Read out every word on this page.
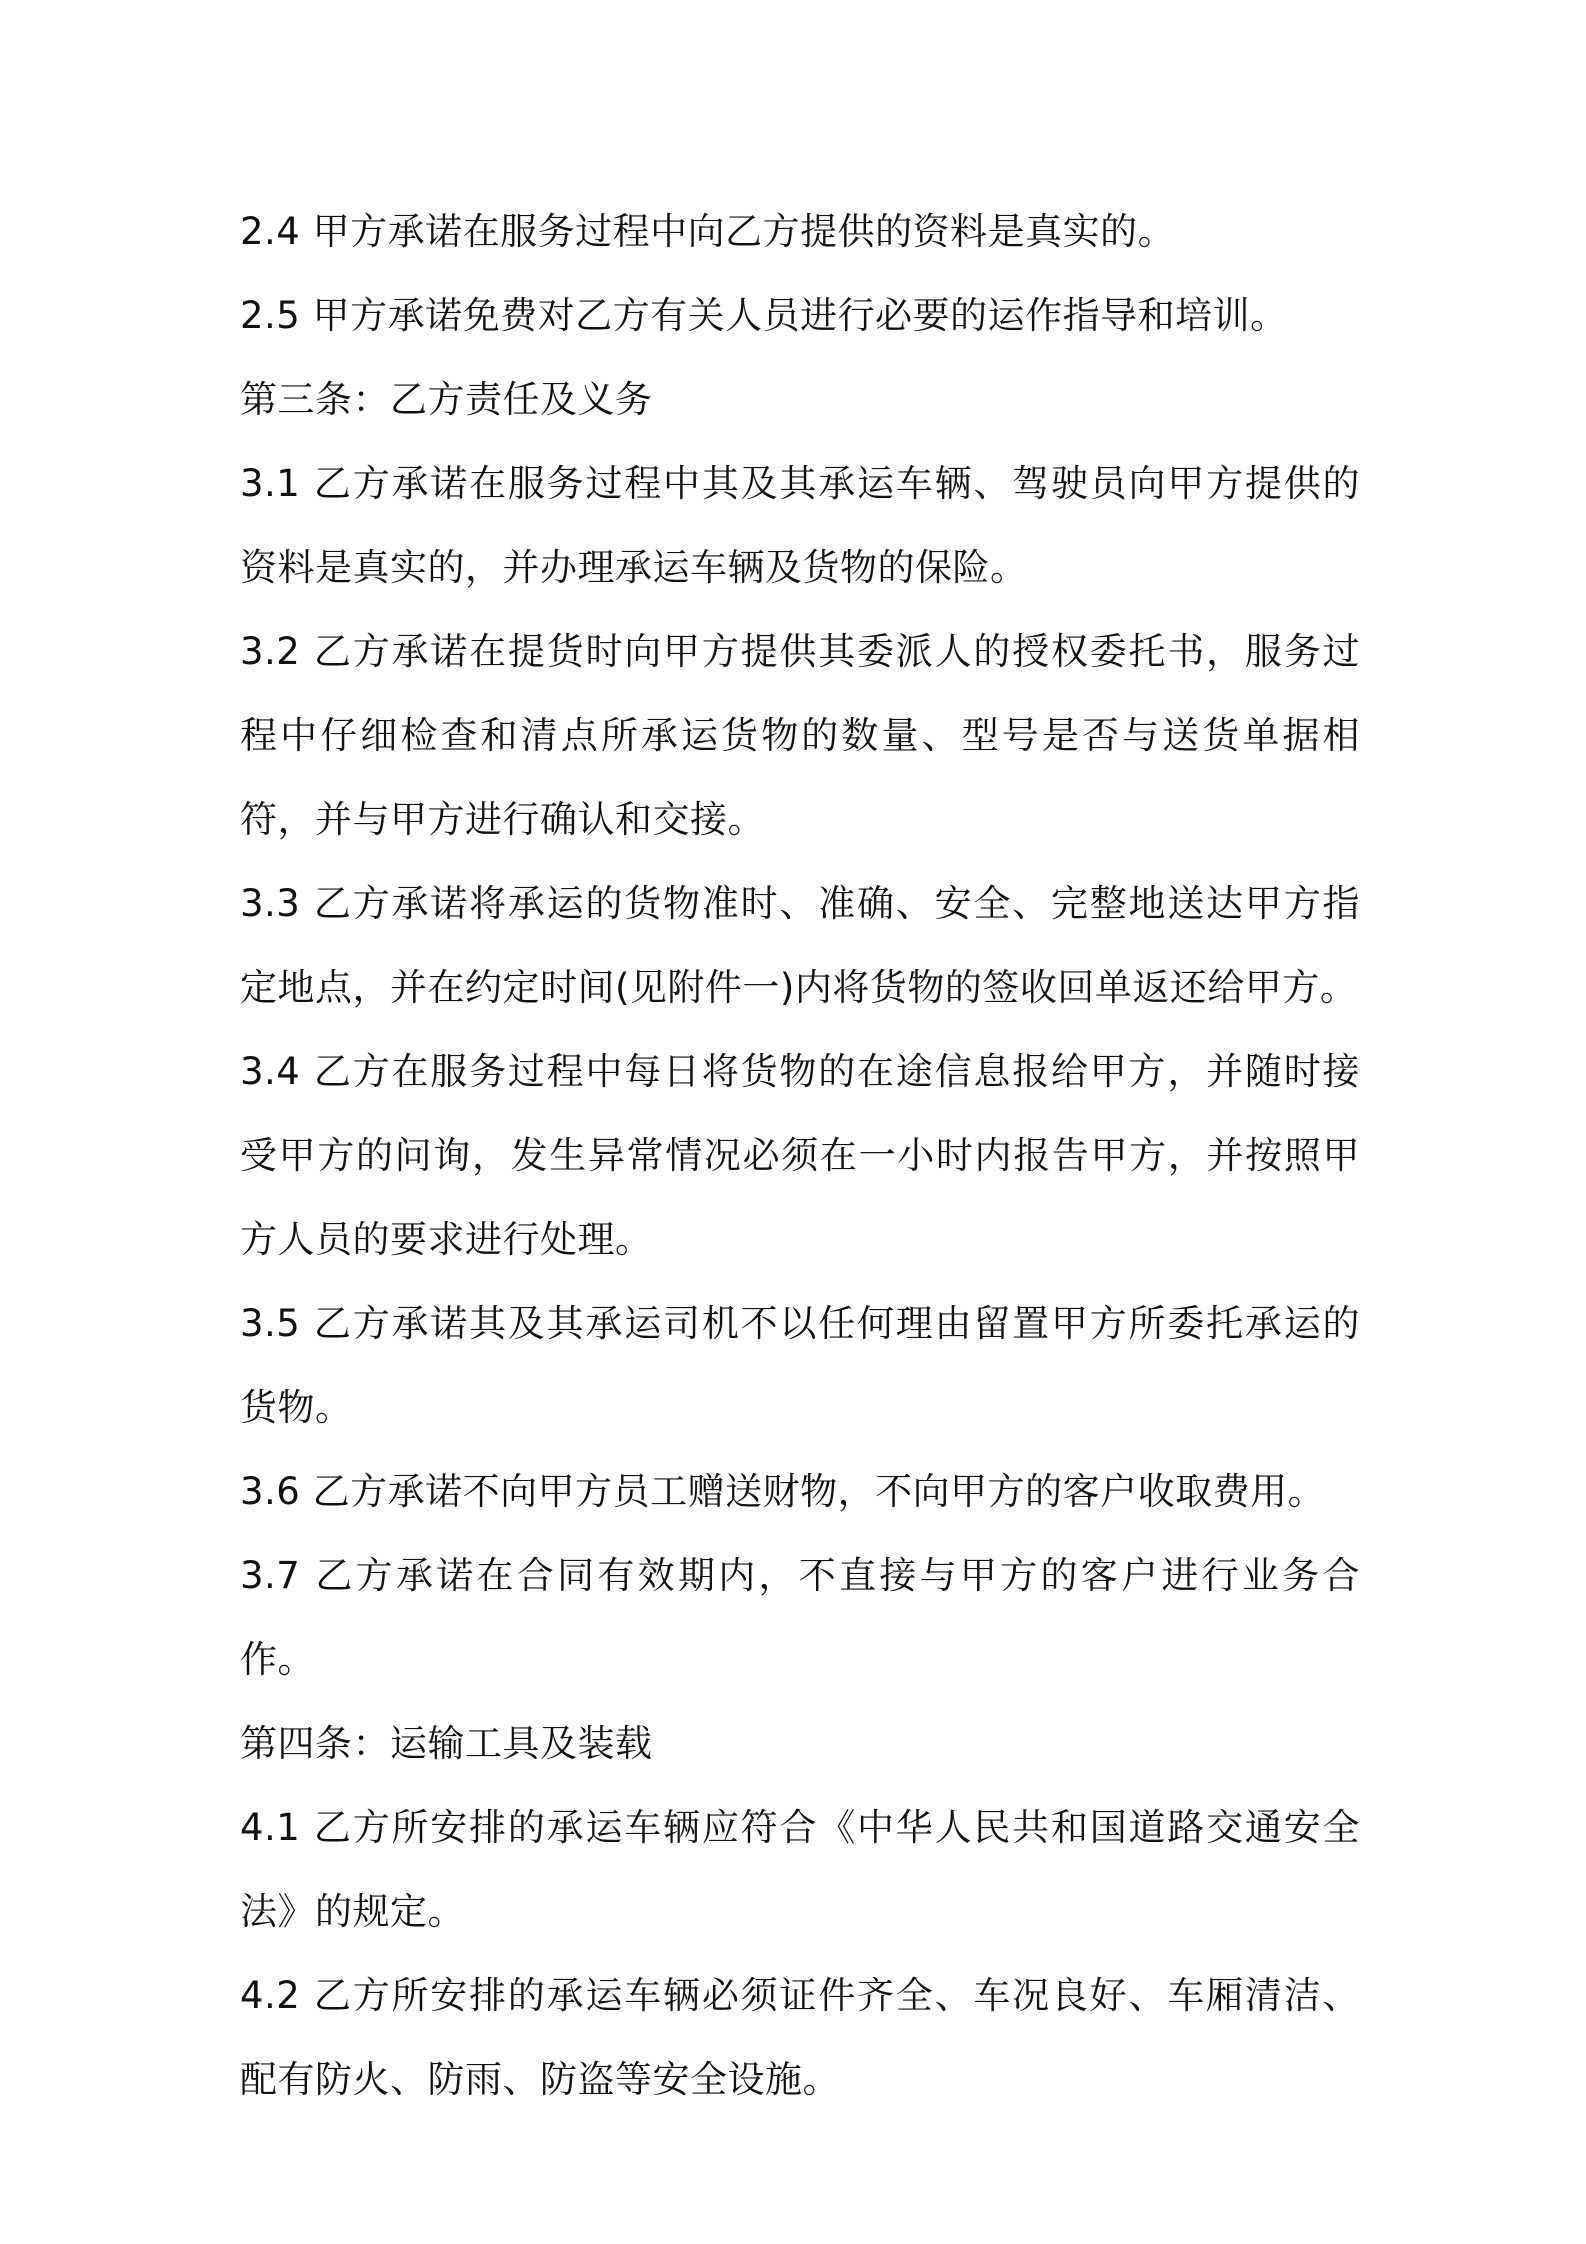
2.4 甲方承诺在服务过程中向乙方提供的资料是真实的。

2.5 甲方承诺免费对乙方有关人员进行必要的运作指导和培训。

第三条：乙方责任及义务

3.1 乙方承诺在服务过程中其及其承运车辆、驾驶员向甲方提供的资料是真实的，并办理承运车辆及货物的保险。

3.2 乙方承诺在提货时向甲方提供其委派人的授权委托书，服务过程中仔细检查和清点所承运货物的数量、型号是否与送货单据相符，并与甲方进行确认和交接。

3.3 乙方承诺将承运的货物准时、准确、安全、完整地送达甲方指定地点，并在约定时间(见附件一)内将货物的签收回单返还给甲方。

3.4 乙方在服务过程中每日将货物的在途信息报给甲方，并随时接受甲方的问询，发生异常情况必须在一小时内报告甲方，并按照甲方人员的要求进行处理。

3.5 乙方承诺其及其承运司机不以任何理由留置甲方所委托承运的货物。

3.6 乙方承诺不向甲方员工赠送财物，不向甲方的客户收取费用。

3.7 乙方承诺在合同有效期内，不直接与甲方的客户进行业务合作。

第四条：运输工具及装载

4.1 乙方所安排的承运车辆应符合《中华人民共和国道路交通安全法》的规定。

4.2 乙方所安排的承运车辆必须证件齐全、车况良好、车厢清洁、配有防火、防雨、防盗等安全设施。
